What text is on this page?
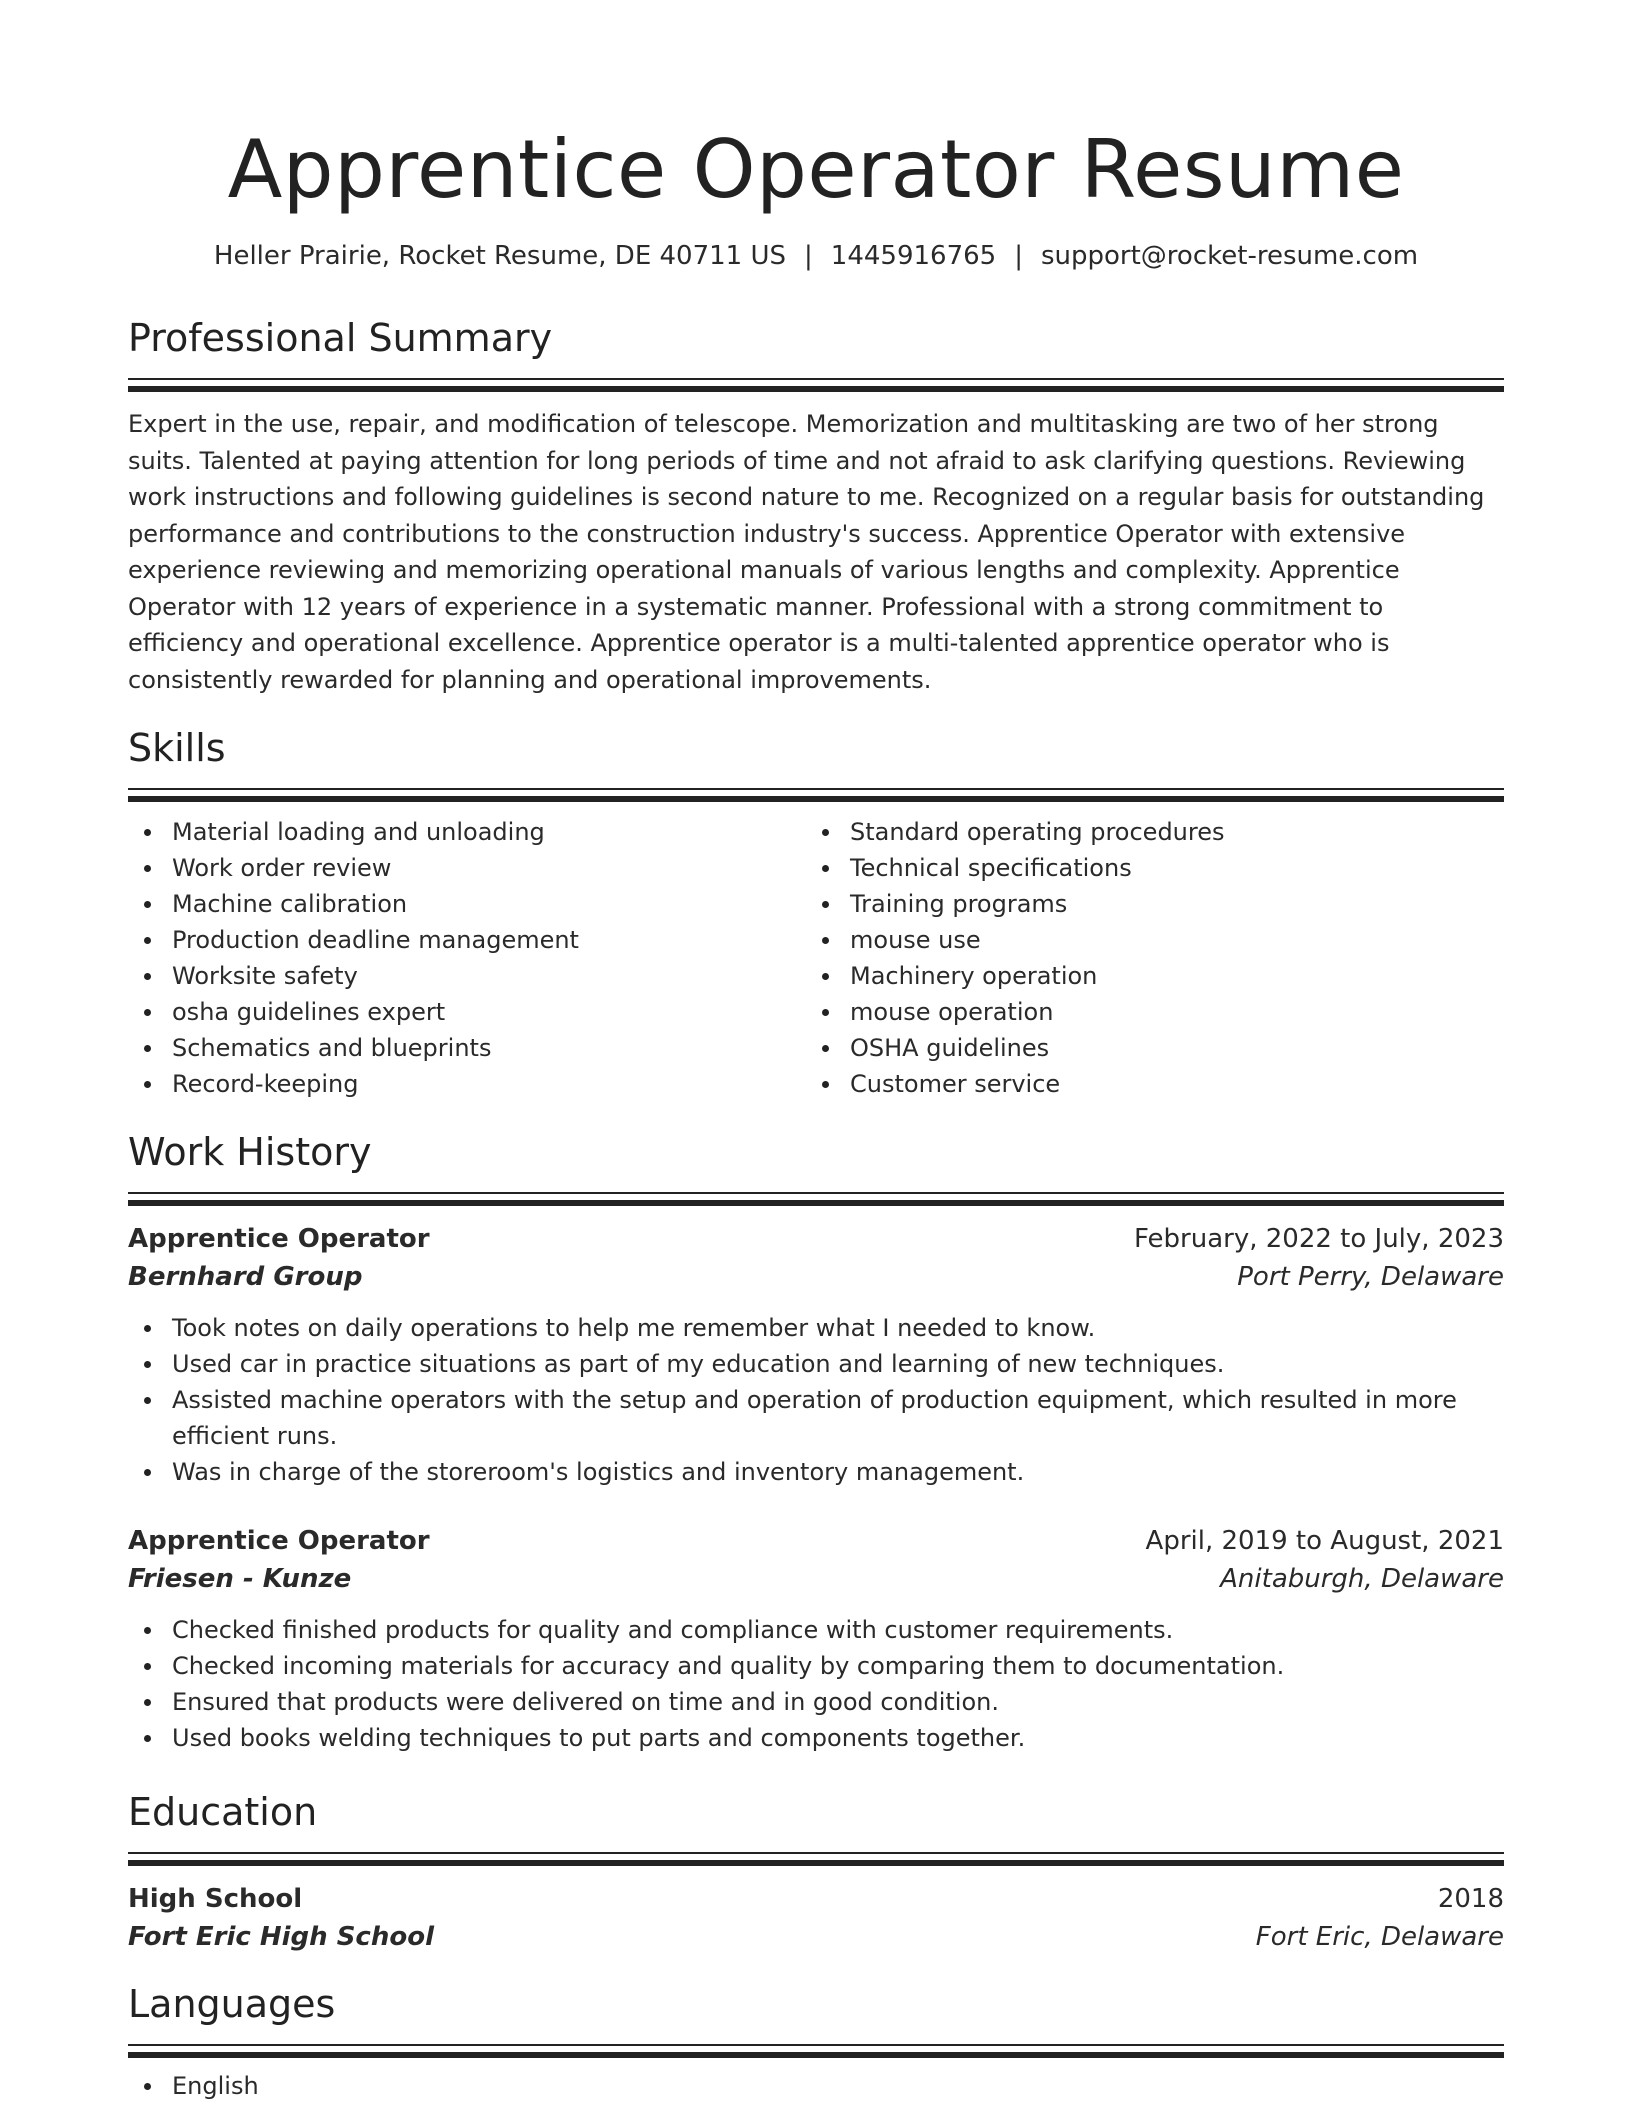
Apprentice Operator Resume
Heller Prairie, Rocket Resume, DE 40711 US | 1445916765 | support@rocket-resume.com
Professional Summary

Expert in the use, repair, and modification of telescope. Memorization and multitasking are two of her strong suits. Talented at paying attention for long periods of time and not afraid to ask clarifying questions. Reviewing work instructions and following guidelines is second nature to me. Recognized on a regular basis for outstanding performance and contributions to the construction industry's success. Apprentice Operator with extensive experience reviewing and memorizing operational manuals of various lengths and complexity. Apprentice Operator with 12 years of experience in a systematic manner. Professional with a strong commitment to efficiency and operational excellence. Apprentice operator is a multi-talented apprentice operator who is consistently rewarded for planning and operational improvements.

Skills
Material loading and unloading
Work order review
Machine calibration
Production deadline management
Worksite safety
osha guidelines expert
Schematics and blueprints
Record-keeping
Standard operating procedures
Technical specifications
Training programs
mouse use
Machinery operation
mouse operation
OSHA guidelines
Customer service
Work History
Apprentice Operator	February, 2022 to July, 2023
Bernhard Group	Port Perry, Delaware
Took notes on daily operations to help me remember what I needed to know.
Used car in practice situations as part of my education and learning of new techniques.
Assisted machine operators with the setup and operation of production equipment, which resulted in more efficient runs.
Was in charge of the storeroom's logistics and inventory management.
Apprentice Operator	April, 2019 to August, 2021
Friesen - Kunze	Anitaburgh, Delaware
Checked finished products for quality and compliance with customer requirements.
Checked incoming materials for accuracy and quality by comparing them to documentation.
Ensured that products were delivered on time and in good condition.
Used books welding techniques to put parts and components together.
Education
High School	2018
Fort Eric High School	Fort Eric, Delaware
Languages
English
